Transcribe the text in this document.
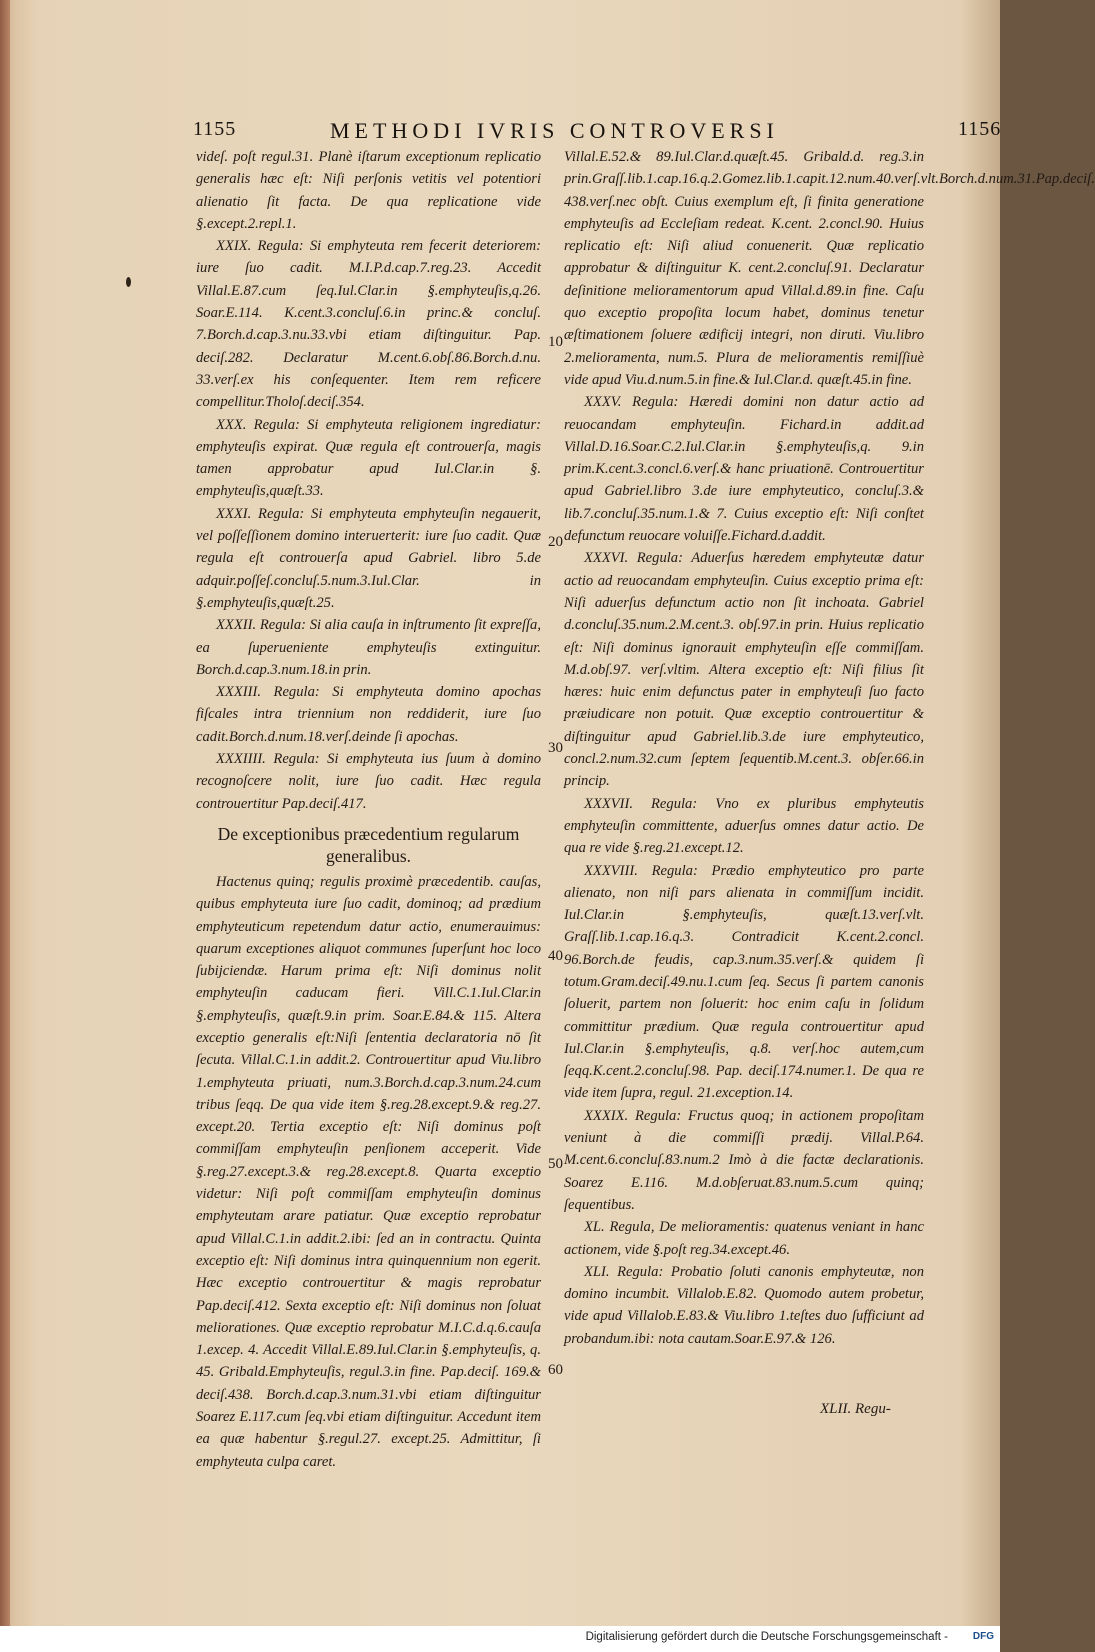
1155	METHODI IVRIS CONTROVERSI	1156

videſ. poſt regul.31. Planè iſtarum exceptionum replicatio generalis hæc eſt: Niſi perſonis vetitis vel potentiori alienatio ſit facta. De qua replicatione vide §.except.2.repl.1.

XXIX. Regula: Si emphyteuta rem fecerit deteriorem: iure ſuo cadit. M.I.P.d.cap.7.reg.23. Accedit Villal.E.87.cum ſeq.Iul.Clar.in §.emphyteuſis,q.26. Soar.E.114. K.cent.3.concluſ.6.in princ.& concluſ. 7.Borch.d.cap.3.nu.33.vbi etiam diſtinguitur. Pap. deciſ.282. Declaratur M.cent.6.obſ.86.Borch.d.nu. 33.verſ.ex his conſequenter. Item rem reficere compellitur.Tholoſ.deciſ.354.

XXX. Regula: Si emphyteuta religionem ingrediatur: emphyteuſis expirat. Quæ regula eſt controuerſa, magis tamen approbatur apud Iul.Clar.in §. emphyteuſis,quæſt.33.

XXXI. Regula: Si emphyteuta emphyteuſin negauerit, vel poſſeſſionem domino interuerterit: iure ſuo cadit. Quæ regula eſt controuerſa apud Gabriel. libro 5.de adquir.poſſeſ.concluſ.5.num.3.Iul.Clar. in §.emphyteuſis,quæſt.25.

XXXII. Regula: Si alia cauſa in inſtrumento ſit expreſſa, ea ſuperueniente emphyteuſis extinguitur. Borch.d.cap.3.num.18.in prin.

XXXIII. Regula: Si emphyteuta domino apochas fiſcales intra triennium non reddiderit, iure ſuo cadit.Borch.d.num.18.verſ.deinde ſi apochas.

XXXIIII. Regula: Si emphyteuta ius ſuum à domino recognoſcere nolit, iure ſuo cadit. Hæc regula controuertitur Pap.deciſ.417.

De exceptionibus præcedentium regularum generalibus.

Hactenus quinq; regulis proximè præcedentib. cauſas, quibus emphyteuta iure ſuo cadit, dominoq; ad prædium emphyteuticum repetendum datur actio, enumerauimus: quarum exceptiones aliquot communes ſuperſunt hoc loco ſubijciendæ. Harum prima eſt: Niſi dominus nolit emphyteuſin caducam fieri. Vill.C.1.Iul.Clar.in §.emphyteuſis, quæſt.9.in prim. Soar.E.84.& 115. Altera exceptio generalis eſt:Niſi ſententia declaratoria nō ſit ſecuta. Villal.C.1.in addit.2. Controuertitur apud Viu.libro 1.emphyteuta priuati, num.3.Borch.d.cap.3.num.24.cum tribus ſeqq. De qua vide item §.reg.28.except.9.& reg.27. except.20. Tertia exceptio eſt: Niſi dominus poſt commiſſam emphyteuſin penſionem acceperit. Vide §.reg.27.except.3.& reg.28.except.8. Quarta exceptio videtur: Niſi poſt commiſſam emphyteuſin dominus emphyteutam arare patiatur. Quæ exceptio reprobatur apud Villal.C.1.in addit.2.ibi: ſed an in contractu. Quinta exceptio eſt: Niſi dominus intra quinquennium non egerit. Hæc exceptio controuertitur & magis reprobatur Pap.deciſ.412. Sexta exceptio eſt: Niſi dominus non ſoluat meliorationes. Quæ exceptio reprobatur M.I.C.d.q.6.cauſa 1.excep. 4. Accedit Villal.E.89.Iul.Clar.in §.emphyteuſis, q. 45. Gribald.Emphyteuſis, regul.3.in fine. Pap.deciſ. 169.& deciſ.438. Borch.d.cap.3.num.31.vbi etiam diſtinguitur Soarez E.117.cum ſeq.vbi etiam diſtinguitur. Accedunt item ea quæ habentur §.regul.27. except.25. Admittitur, ſi emphyteuta culpa caret.

Villal.E.52.& 89.Iul.Clar.d.quæſt.45. Gribald.d. reg.3.in prin.Graſſ.lib.1.cap.16.q.2.Gomez.lib.1.capit.12.num.40.verſ.vlt.Borch.d.num.31.Pap.deciſ. 438.verſ.nec obſt. Cuius exemplum eſt, ſi finita generatione emphyteuſis ad Eccleſiam redeat. K.cent. 2.concl.90. Huius replicatio eſt: Niſi aliud conuenerit. Quæ replicatio approbatur & diſtinguitur K. cent.2.concluſ.91. Declaratur deſinitione melioramentorum apud Villal.d.89.in fine. Caſu quo exceptio propoſita locum habet, dominus tenetur æſtimationem ſoluere ædificij integri, non diruti. Viu.libro 2.melioramenta, num.5. Plura de melioramentis remiſſiuè vide apud Viu.d.num.5.in fine.& Iul.Clar.d. quæſt.45.in fine.

XXXV. Regula: Hæredi domini non datur actio ad reuocandam emphyteuſin. Fichard.in addit.ad Villal.D.16.Soar.C.2.Iul.Clar.in §.emphyteuſis,q. 9.in prim.K.cent.3.concl.6.verſ.& hanc priuationē. Controuertitur apud Gabriel.libro 3.de iure emphyteutico, concluſ.3.& lib.7.concluſ.35.num.1.& 7. Cuius exceptio eſt: Niſi conſtet defunctum reuocare voluiſſe.Fichard.d.addit.

XXXVI. Regula: Aduerſus hæredem emphyteutæ datur actio ad reuocandam emphyteuſin. Cuius exceptio prima eſt: Niſi aduerſus defunctum actio non ſit inchoata. Gabriel d.concluſ.35.num.2.M.cent.3. obſ.97.in prin. Huius replicatio eſt: Niſi dominus ignorauit emphyteuſin eſſe commiſſam. M.d.obſ.97. verſ.vltim. Altera exceptio eſt: Niſi filius ſit hæres: huic enim defunctus pater in emphyteuſi ſuo facto præiudicare non potuit. Quæ exceptio controuertitur & diſtinguitur apud Gabriel.lib.3.de iure emphyteutico, concl.2.num.32.cum ſeptem ſequentib.M.cent.3. obſer.66.in princip.

XXXVII. Regula: Vno ex pluribus emphyteutis emphyteuſin committente, aduerſus omnes datur actio. De qua re vide §.reg.21.except.12.

XXXVIII. Regula: Prædio emphyteutico pro parte alienato, non niſi pars alienata in commiſſum incidit. Iul.Clar.in §.emphyteuſis, quæſt.13.verſ.vlt. Graſſ.lib.1.cap.16.q.3. Contradicit K.cent.2.concl. 96.Borch.de feudis, cap.3.num.35.verſ.& quidem ſi totum.Gram.deciſ.49.nu.1.cum ſeq. Secus ſi partem canonis ſoluerit, partem non ſoluerit: hoc enim caſu in ſolidum committitur prædium. Quæ regula controuertitur apud Iul.Clar.in §.emphyteuſis, q.8. verſ.hoc autem,cum ſeqq.K.cent.2.concluſ.98. Pap. deciſ.174.numer.1. De qua re vide item ſupra, regul. 21.exception.14.

XXXIX. Regula: Fructus quoq; in actionem propoſitam veniunt à die commiſſi prædij. Villal.P.64. M.cent.6.concluſ.83.num.2 Imò à die factæ declarationis. Soarez E.116. M.d.obſeruat.83.num.5.cum quinq; ſequentibus.

XL. Regula, De melioramentis: quatenus veniant in hanc actionem, vide §.poſt reg.34.except.46.

XLI. Regula: Probatio ſoluti canonis emphyteutæ, non domino incumbit. Villalob.E.82. Quomodo autem probetur, vide apud Villalob.E.83.& Viu.libro 1.teſtes duo ſufficiunt ad probandum.ibi: nota cautam.Soar.E.97.& 126.

10
20
30
40
50
60
XLII. Regu-
Digitalisierung gefördert durch die Deutsche Forschungsgemeinschaft - DFG
